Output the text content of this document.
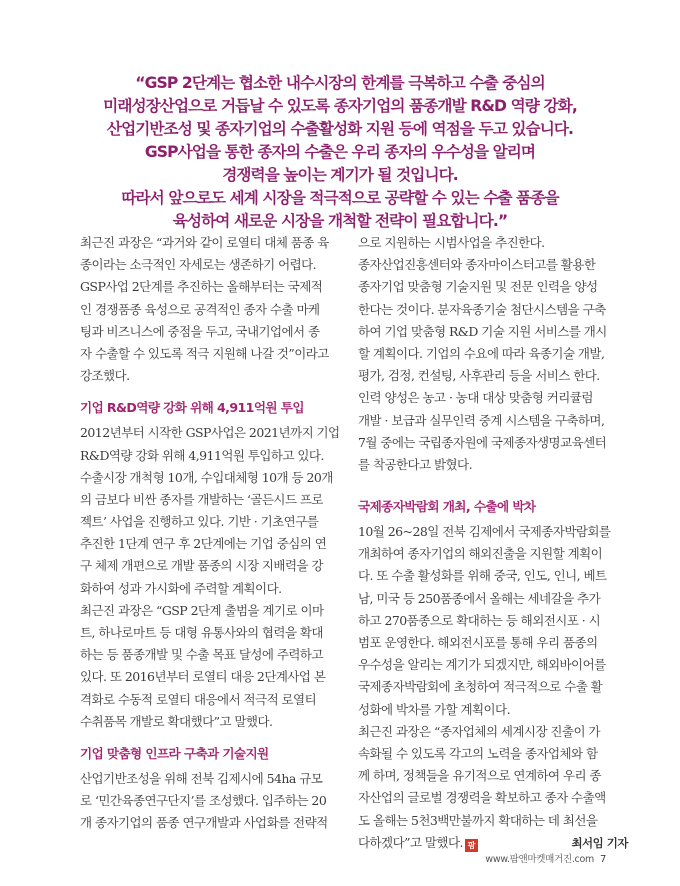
“GSP 2단계는 협소한 내수시장의 한계를 극복하고 수출 중심의
미래성장산업으로 거듭날 수 있도록 종자기업의 품종개발 R&D 역량 강화,
산업기반조성 및 종자기업의 수출활성화 지원 등에 역점을 두고 있습니다.
GSP사업을 통한 종자의 수출은 우리 종자의 우수성을 알리며
경쟁력을 높이는 계기가 될 것입니다.
따라서 앞으로도 세계 시장을 적극적으로 공략할 수 있는 수출 품종을
육성하여 새로운 시장을 개척할 전략이 필요합니다.”
최근진 과장은 “과거와 같이 로열티 대체 품종 육
종이라는 소극적인 자세로는 생존하기 어렵다.
GSP사업 2단계를 추진하는 올해부터는 국제적
인 경쟁품종 육성으로 공격적인 종자 수출 마케
팅과 비즈니스에 중점을 두고, 국내기업에서 종
자 수출할 수 있도록 적극 지원해 나갈 것”이라고
강조했다.
기업 R&D역량 강화 위해 4,911억원 투입
2012년부터 시작한 GSP사업은 2021년까지 기업
R&D역량 강화 위해 4,911억원 투입하고 있다.
수출시장 개척형 10개, 수입대체형 10개 등 20개
의 금보다 비싼 종자를 개발하는 ‘골든시드 프로
젝트’ 사업을 진행하고 있다. 기반 · 기초연구를
추진한 1단계 연구 후 2단계에는 기업 중심의 연
구 체제 개편으로 개발 품종의 시장 지배력을 강
화하여 성과 가시화에 주력할 계획이다.
최근진 과장은 “GSP 2단계 출범을 계기로 이마
트, 하나로마트 등 대형 유통사와의 협력을 확대
하는 등 품종개발 및 수출 목표 달성에 주력하고
있다. 또 2016년부터 로열티 대응 2단계사업 본
격화로 수동적 로열티 대응에서 적극적 로열티
수취품목 개발로 확대했다”고 말했다.
기업 맞춤형 인프라 구축과 기술지원
산업기반조성을 위해 전북 김제시에 54ha 규모
로 ‘민간육종연구단지’를 조성했다. 입주하는 20
개 종자기업의 품종 연구개발과 사업화를 전략적
으로 지원하는 시범사업을 추진한다.
종자산업진흥센터와 종자마이스터고를 활용한
종자기업 맞춤형 기술지원 및 전문 인력을 양성
한다는 것이다. 분자육종기술 첨단시스템을 구축
하여 기업 맞춤형 R&D 기술 지원 서비스를 개시
할 계획이다. 기업의 수요에 따라 육종기술 개발,
평가, 검정, 컨설팅, 사후관리 등을 서비스 한다.
인력 양성은 농고 · 농대 대상 맞춤형 커리큘럼
개발 · 보급과 실무인력 중계 시스템을 구축하며,
7월 중에는 국립종자원에 국제종자생명교육센터
를 착공한다고 밝혔다.
국제종자박람회 개최, 수출에 박차
10월 26~28일 전북 김제에서 국제종자박람회를
개최하여 종자기업의 해외진출을 지원할 계획이
다. 또 수출 활성화를 위해 중국, 인도, 인니, 베트
남, 미국 등 250품종에서 올해는 세네갈을 추가
하고 270품종으로 확대하는 등 해외전시포 · 시
범포 운영한다. 해외전시포를 통해 우리 품종의
우수성을 알리는 계기가 되겠지만, 해외바이어를
국제종자박람회에 초청하여 적극적으로 수출 활
성화에 박차를 가할 계획이다.
최근진 과장은 “종자업체의 세계시장 진출이 가
속화될 수 있도록 각고의 노력을 종자업체와 함
께 하며, 정책들을 유기적으로 연계하여 우리 종
자산업의 글로벌 경쟁력을 확보하고 종자 수출액
도 올해는 5천3백만불까지 확대하는 데 최선을
다하겠다”고 말했다. 팜	최서임 기자
www.팜앤마켓매거진.com 7
